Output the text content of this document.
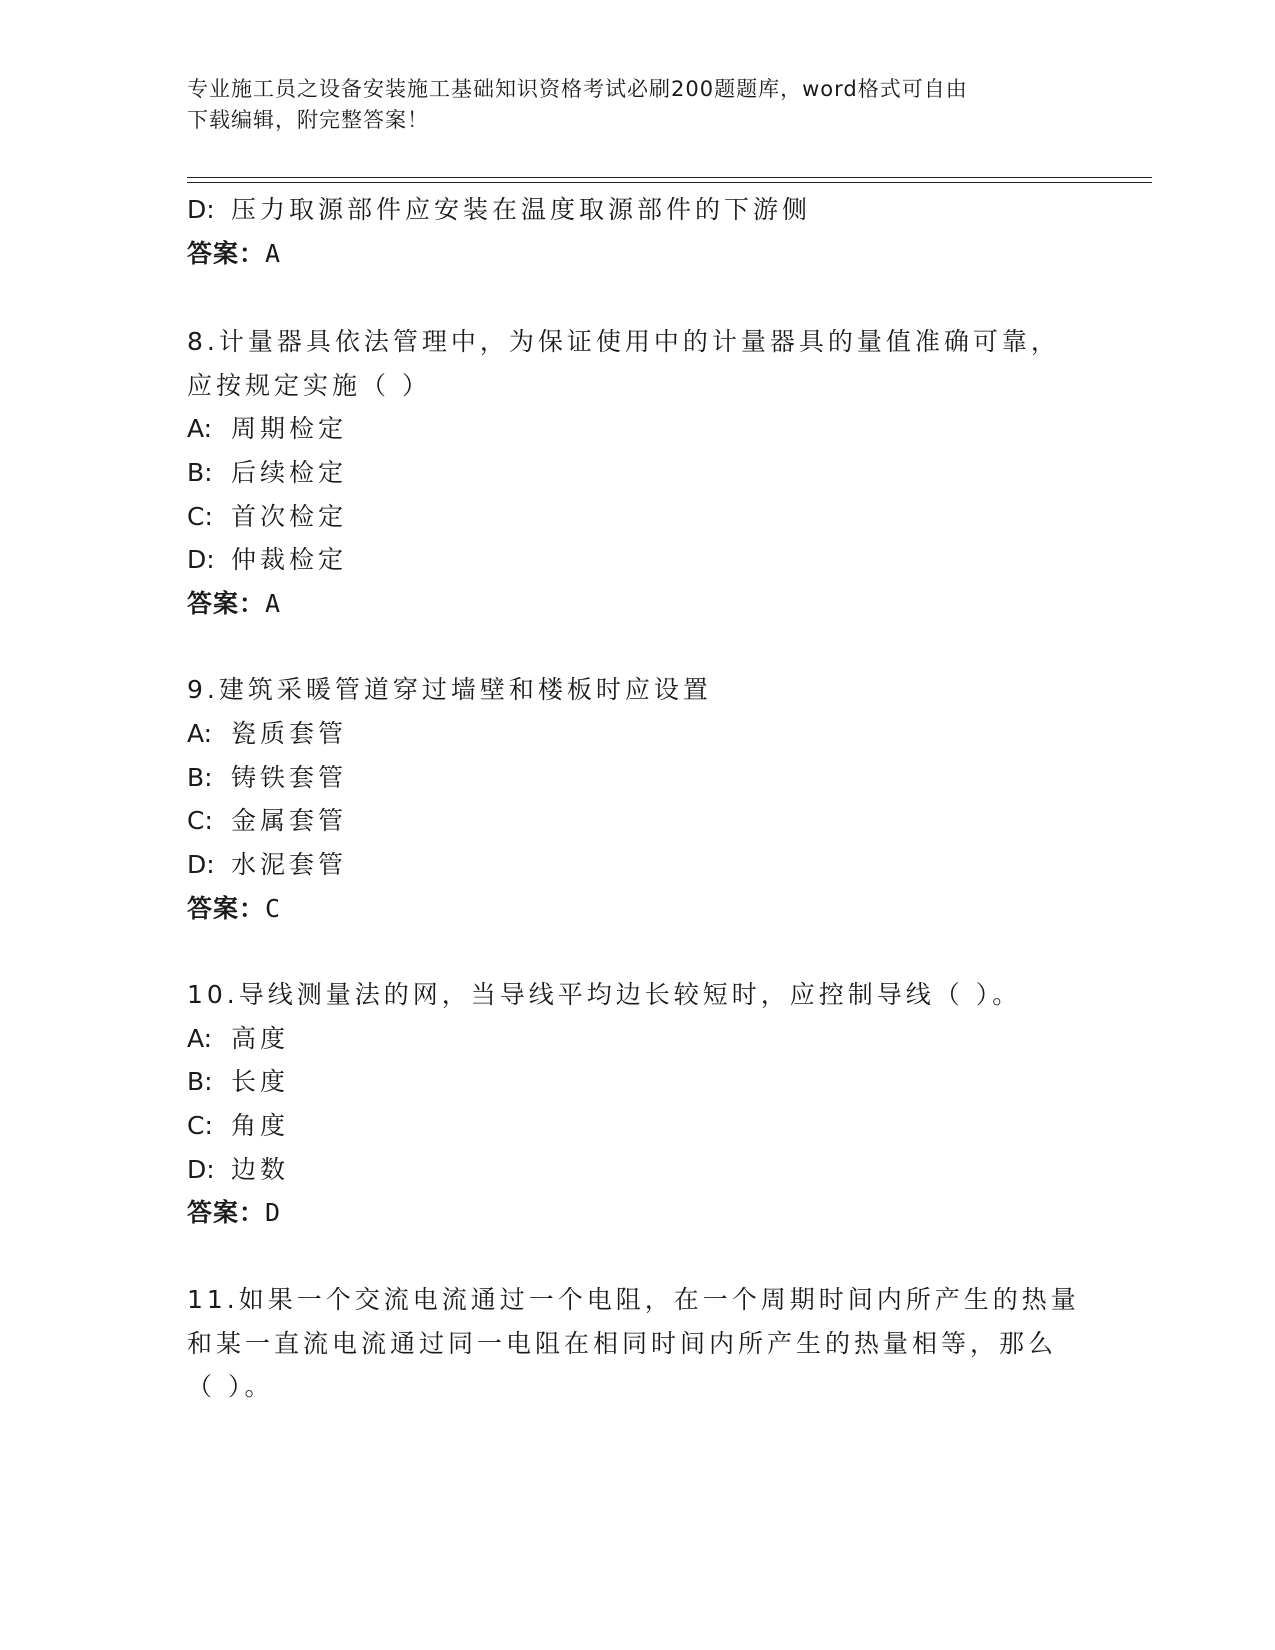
专业施工员之设备安装施工基础知识资格考试必刷200题题库，word格式可自由
下载编辑，附完整答案！
D: 压力取源部件应安装在温度取源部件的下游侧
答案：A
8.计量器具依法管理中，为保证使用中的计量器具的量值准确可靠，
应按规定实施（ ）
A: 周期检定
B: 后续检定
C: 首次检定
D: 仲裁检定
答案：A
9.建筑采暖管道穿过墙壁和楼板时应设置
A: 瓷质套管
B: 铸铁套管
C: 金属套管
D: 水泥套管
答案：C
10.导线测量法的网，当导线平均边长较短时，应控制导线（ ）。
A: 高度
B: 长度
C: 角度
D: 边数
答案：D
11.如果一个交流电流通过一个电阻，在一个周期时间内所产生的热量
和某一直流电流通过同一电阻在相同时间内所产生的热量相等，那么
（ ）。
